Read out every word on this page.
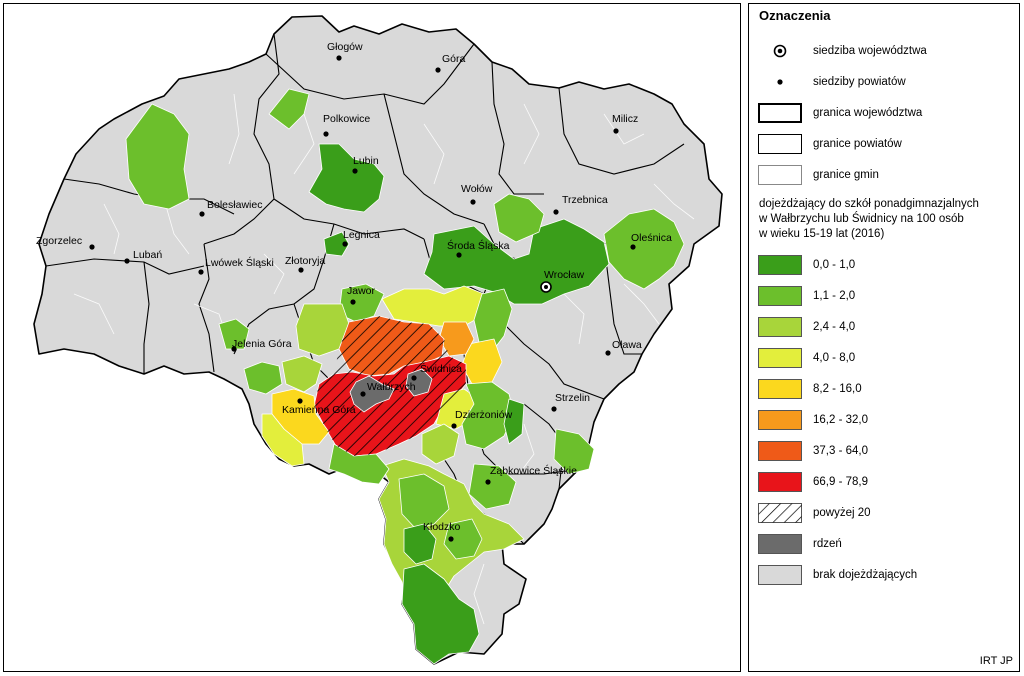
Głogów
Góra
Polkowice	Milicz
Lubin
Wołów
Bolesławiec	Trzebnica
Oleśnica
Zgorzelec	Legnica
Środa Śląska
Lubań
Lwówek Śląski Złotoryja
Wrocław
Jawor
Oława
Jelenia Góra
Świdnica
Wałbrzych
Kamienna Góra
Strzelin
Dzierżoniów
Ząbkowice Śląskie
Kłodzko
Oznaczenia
siedziba województwa
siedziby powiatów
granica województwa
granice powiatów
granice gmin
dojeżdżający do szkół ponadgimnazjalnych
w Wałbrzychu lub Świdnicy na 100 osób
w wieku 15-19 lat (2016)
0,0 - 1,0
1,1 - 2,0
2,4 - 4,0
4,0 - 8,0
8,2 - 16,0
16,2 - 32,0
37,3 - 64,0
66,9 - 78,9
powyżej 20
rdzeń
brak dojeżdżających
IRT JP
